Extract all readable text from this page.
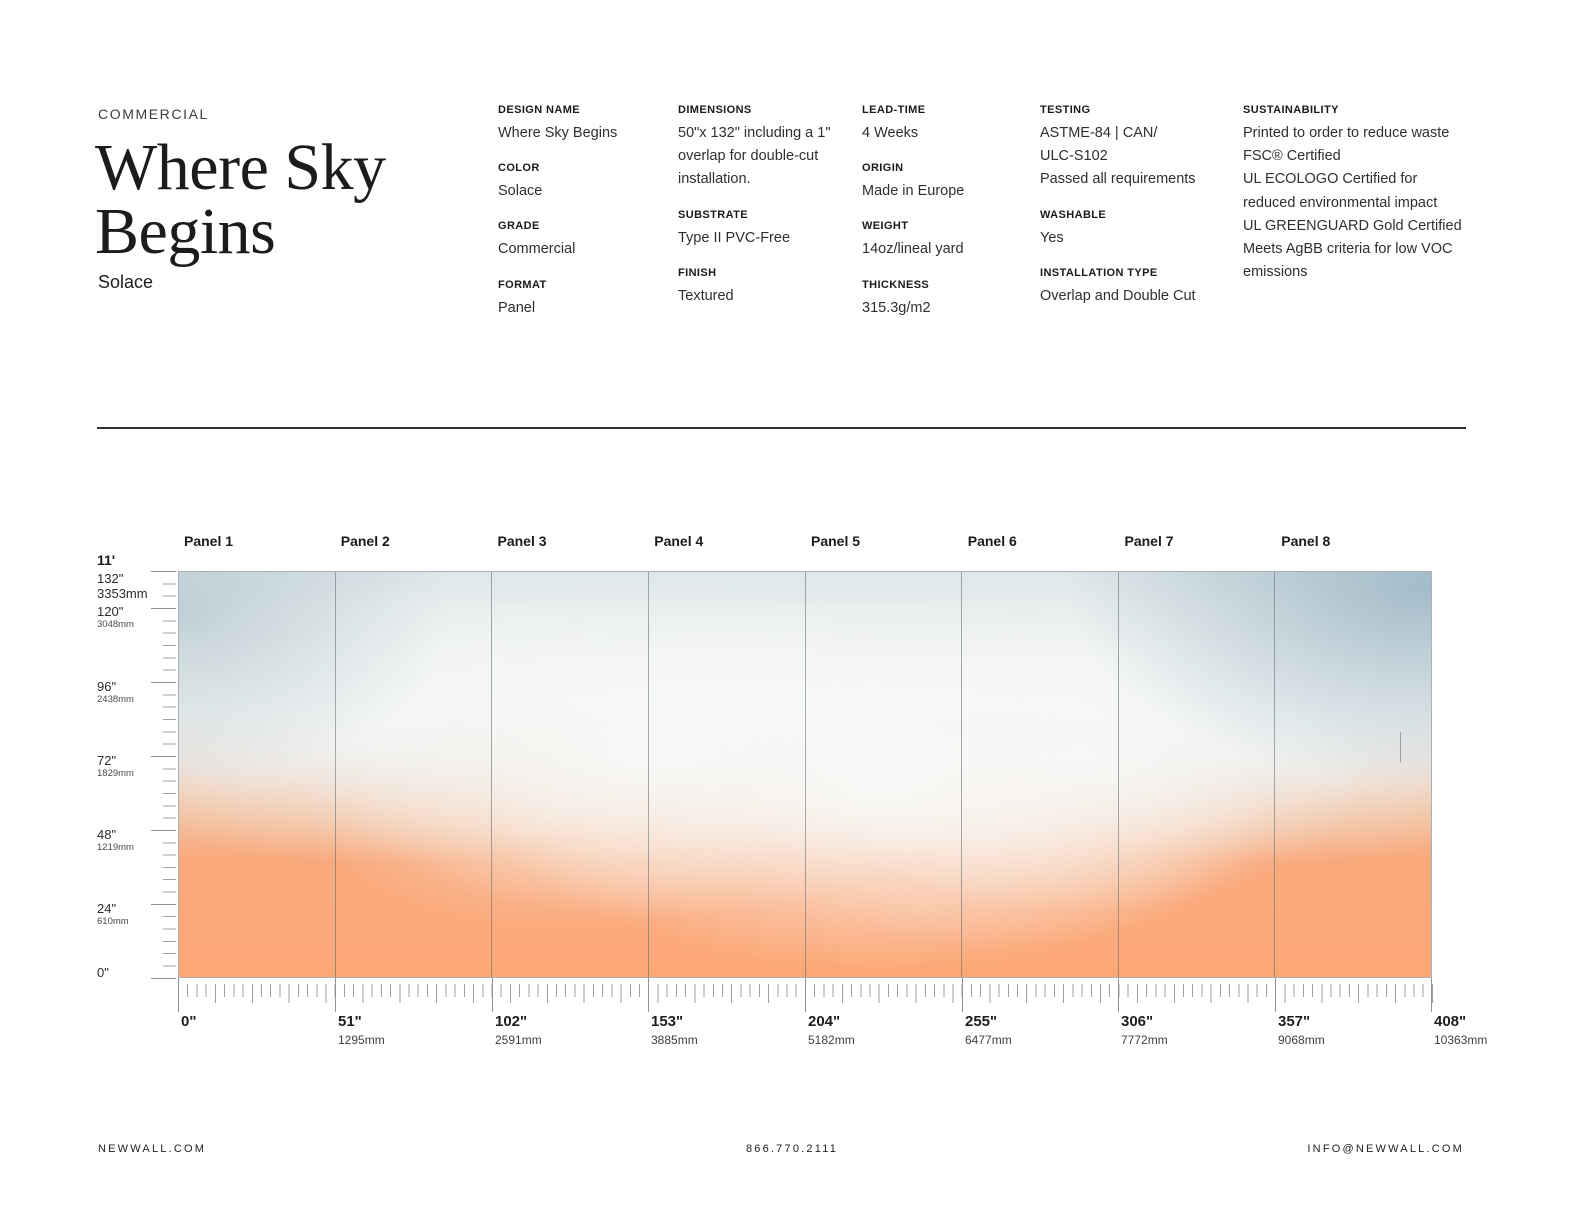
COMMERCIAL
Where Sky
Begins
Solace
DESIGN NAME
Where Sky Begins
COLOR
Solace
GRADE
Commercial
FORMAT
Panel
DIMENSIONS
50"x 132" including a 1" overlap for double-cut installation.
SUBSTRATE
Type II PVC-Free
FINISH
Textured
LEAD-TIME
4 Weeks
ORIGIN
Made in Europe
WEIGHT
14oz/lineal yard
THICKNESS
315.3g/m2
TESTING
ASTME-84 | CAN/
ULC-S102
Passed all requirements
WASHABLE
Yes
INSTALLATION TYPE
Overlap and Double Cut
SUSTAINABILITY
Printed to order to reduce waste
FSC® Certified
UL ECOLOGO Certified for reduced environmental impact
UL GREENGUARD Gold Certified
Meets AgBB criteria for low VOC emissions
Panel 1	Panel 2	Panel 3	Panel 4	Panel 5	Panel 6	Panel 7	Panel 8
11'
132"
3353mm
120"
3048mm
96"
2438mm
72"
1829mm
48"
1219mm
24"
610mm
0"
0"	51"
1295mm
102"
2591mm
153"
3885mm
204"
5182mm
255"
6477mm
306"
7772mm
357"
9068mm
408"
10363mm
NEWWALL.COM	866.770.2111	INFO@NEWWALL.COM
